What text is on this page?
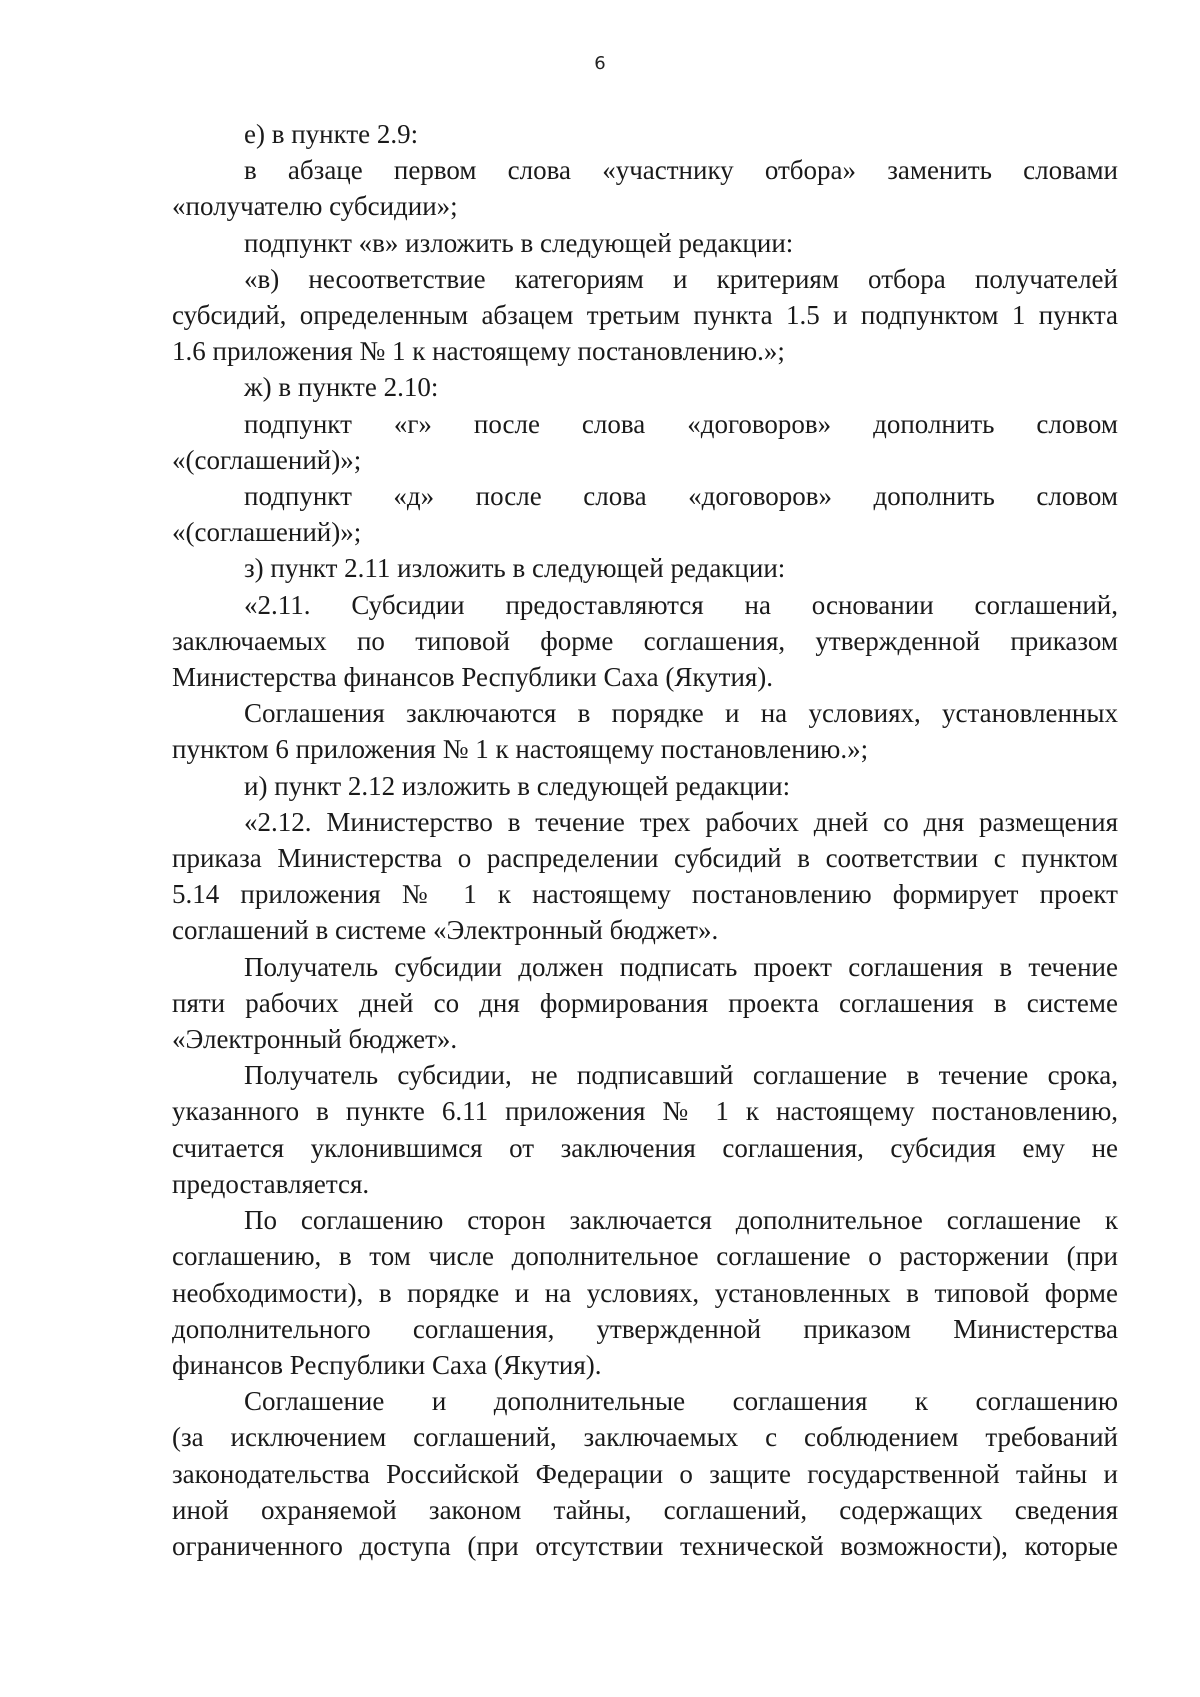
6
е) в пункте 2.9:
в абзаце первом слова «участнику отбора» заменить словами
«получателю субсидии»;
подпункт «в» изложить в следующей редакции:
«в) несоответствие категориям и критериям отбора получателей
субсидий, определенным абзацем третьим пункта 1.5 и подпунктом 1 пункта
1.6 приложения № 1 к настоящему постановлению.»;
ж) в пункте 2.10:
подпункт «г» после слова «договоров» дополнить словом
«(соглашений)»;
подпункт «д» после слова «договоров» дополнить словом
«(соглашений)»;
з) пункт 2.11 изложить в следующей редакции:
«2.11. Субсидии предоставляются на основании соглашений,
заключаемых по типовой форме соглашения, утвержденной приказом
Министерства финансов Республики Саха (Якутия).
Соглашения заключаются в порядке и на условиях, установленных
пунктом 6 приложения № 1 к настоящему постановлению.»;
и) пункт 2.12 изложить в следующей редакции:
«2.12. Министерство в течение трех рабочих дней со дня размещения
приказа Министерства о распределении субсидий в соответствии с пунктом
5.14 приложения № 1 к настоящему постановлению формирует проект
соглашений в системе «Электронный бюджет».
Получатель субсидии должен подписать проект соглашения в течение
пяти рабочих дней со дня формирования проекта соглашения в системе
«Электронный бюджет».
Получатель субсидии, не подписавший соглашение в течение срока,
указанного в пункте 6.11 приложения № 1 к настоящему постановлению,
считается уклонившимся от заключения соглашения, субсидия ему не
предоставляется.
По соглашению сторон заключается дополнительное соглашение к
соглашению, в том числе дополнительное соглашение о расторжении (при
необходимости), в порядке и на условиях, установленных в типовой форме
дополнительного соглашения, утвержденной приказом Министерства
финансов Республики Саха (Якутия).
Соглашение и дополнительные соглашения к соглашению
(за исключением соглашений, заключаемых с соблюдением требований
законодательства Российской Федерации о защите государственной тайны и
иной охраняемой законом тайны, соглашений, содержащих сведения
ограниченного доступа (при отсутствии технической возможности), которые
